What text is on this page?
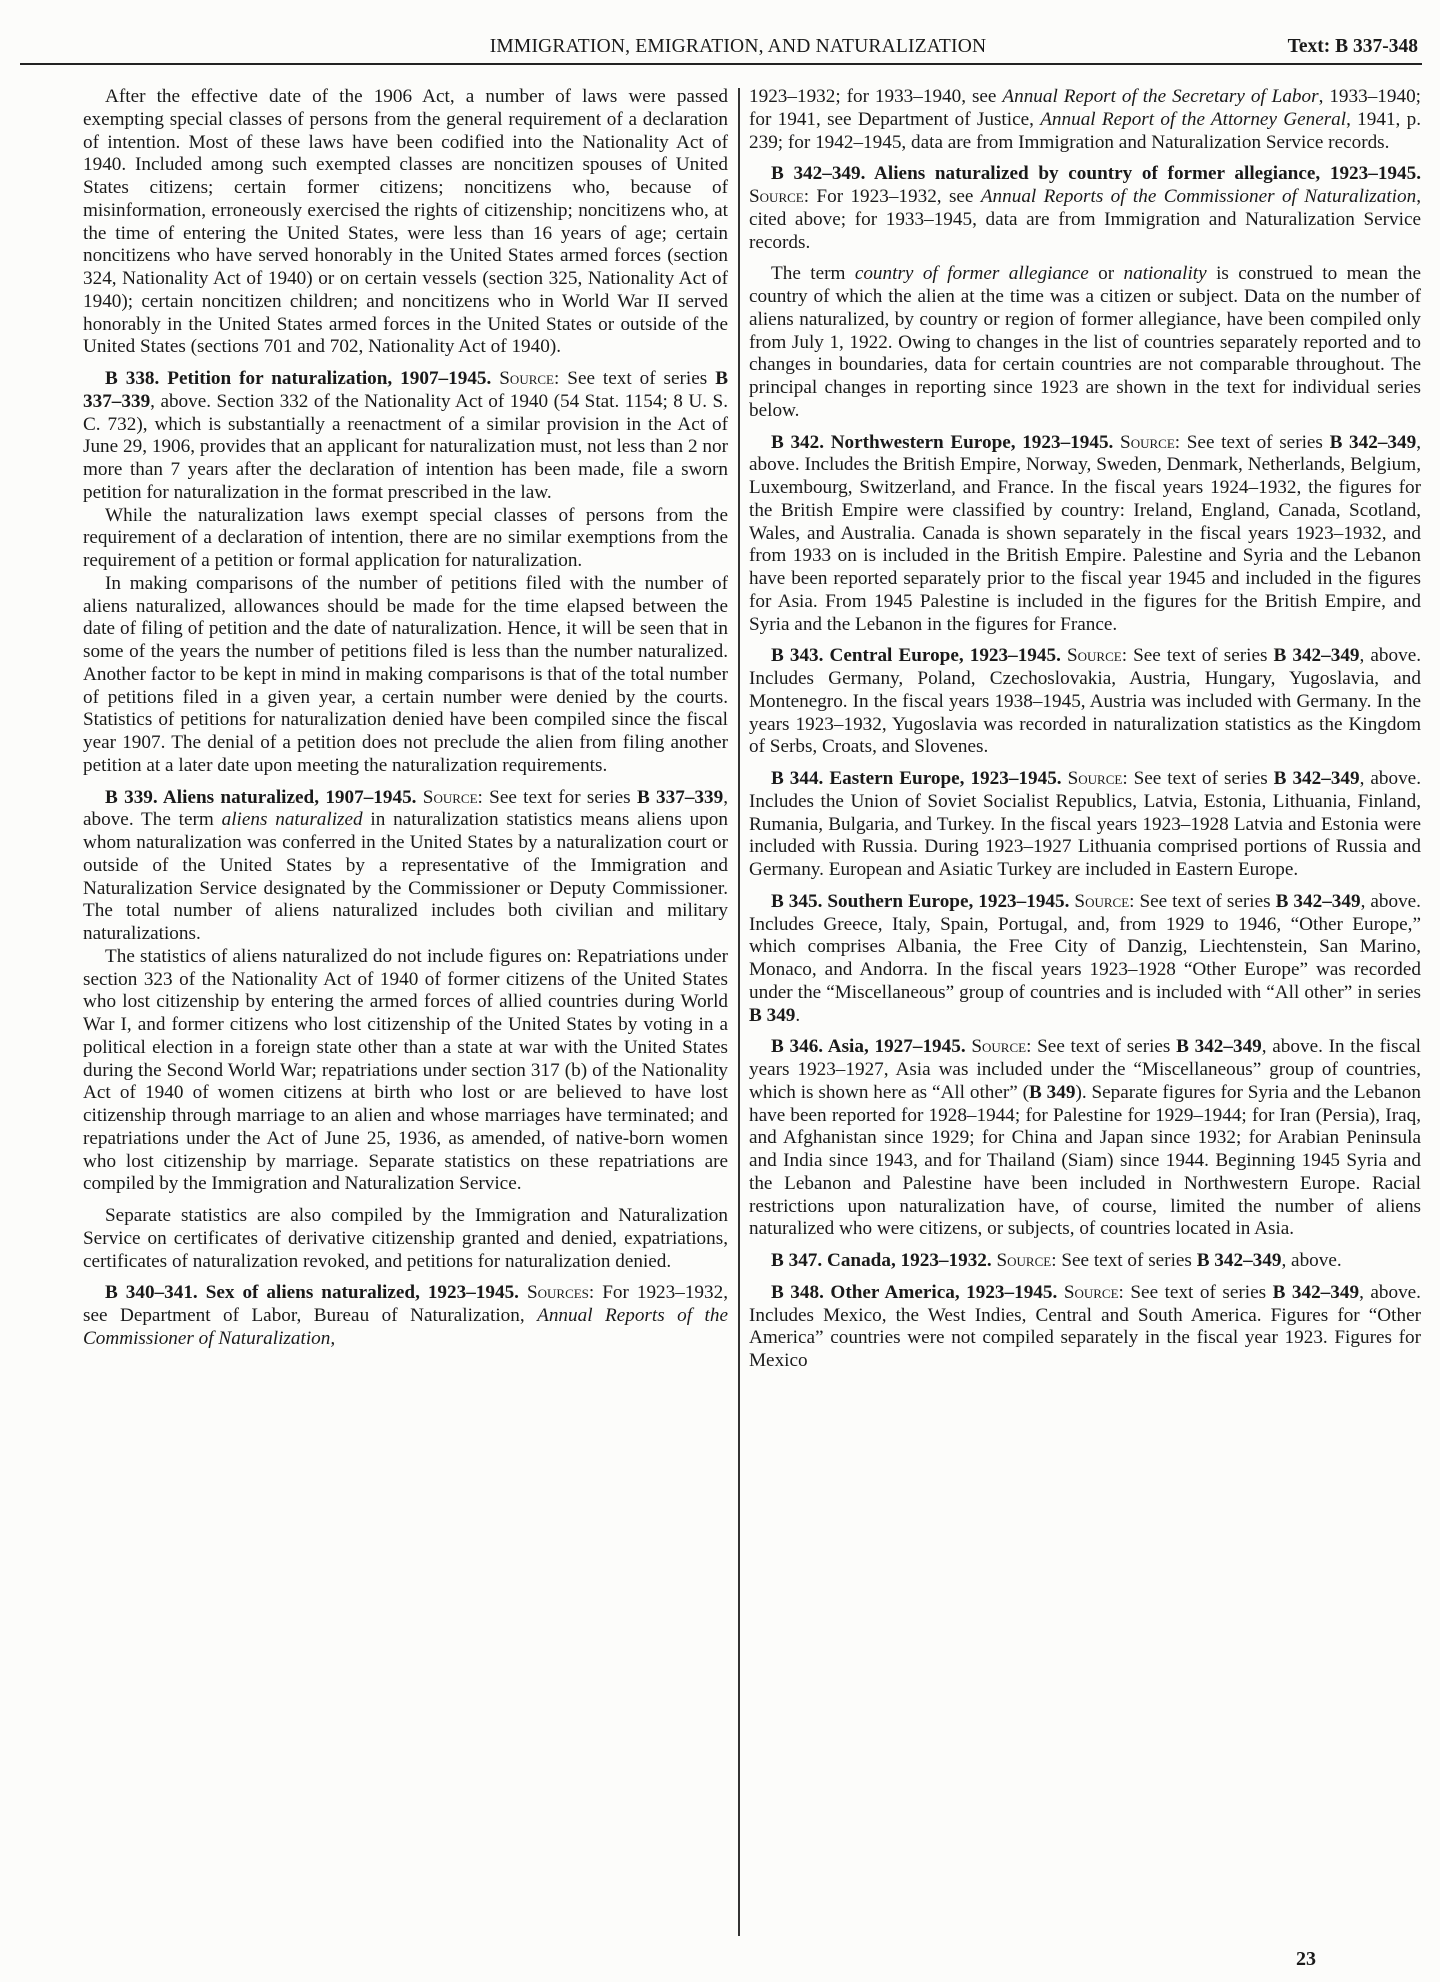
IMMIGRATION, EMIGRATION, AND NATURALIZATION	Text: B 337-348

After the effective date of the 1906 Act, a number of laws were passed exempting special classes of persons from the general requirement of a declaration of intention. Most of these laws have been codified into the Nationality Act of 1940. Included among such exempted classes are noncitizen spouses of United States citizens; certain former citizens; noncitizens who, because of misinformation, erroneously exercised the rights of citizenship; noncitizens who, at the time of entering the United States, were less than 16 years of age; certain noncitizens who have served honorably in the United States armed forces (section 324, Nationality Act of 1940) or on certain vessels (section 325, Nationality Act of 1940); certain noncitizen children; and noncitizens who in World War II served honorably in the United States armed forces in the United States or outside of the United States (sections 701 and 702, Nationality Act of 1940).

B 338. Petition for naturalization, 1907–1945. Source: See text of series B 337–339, above. Section 332 of the Nationality Act of 1940 (54 Stat. 1154; 8 U. S. C. 732), which is substantially a reenactment of a similar provision in the Act of June 29, 1906, provides that an applicant for naturalization must, not less than 2 nor more than 7 years after the declaration of intention has been made, file a sworn petition for naturalization in the format prescribed in the law.

While the naturalization laws exempt special classes of persons from the requirement of a declaration of intention, there are no similar exemptions from the requirement of a petition or formal application for naturalization.

In making comparisons of the number of petitions filed with the number of aliens naturalized, allowances should be made for the time elapsed between the date of filing of petition and the date of naturalization. Hence, it will be seen that in some of the years the number of petitions filed is less than the number naturalized. Another factor to be kept in mind in making comparisons is that of the total number of petitions filed in a given year, a certain number were denied by the courts. Statistics of petitions for naturalization denied have been compiled since the fiscal year 1907. The denial of a petition does not preclude the alien from filing another petition at a later date upon meeting the naturalization requirements.

B 339. Aliens naturalized, 1907–1945. Source: See text for series B 337–339, above. The term aliens naturalized in naturalization statistics means aliens upon whom naturalization was conferred in the United States by a naturalization court or outside of the United States by a representative of the Immigration and Naturalization Service designated by the Commissioner or Deputy Commissioner. The total number of aliens naturalized includes both civilian and military naturalizations.

The statistics of aliens naturalized do not include figures on: Repatriations under section 323 of the Nationality Act of 1940 of former citizens of the United States who lost citizenship by entering the armed forces of allied countries during World War I, and former citizens who lost citizenship of the United States by voting in a political election in a foreign state other than a state at war with the United States during the Second World War; repatriations under section 317 (b) of the Nationality Act of 1940 of women citizens at birth who lost or are believed to have lost citizenship through marriage to an alien and whose marriages have terminated; and repatriations under the Act of June 25, 1936, as amended, of native-born women who lost citizenship by marriage. Separate statistics on these repatriations are compiled by the Immigration and Naturalization Service.

Separate statistics are also compiled by the Immigration and Naturalization Service on certificates of derivative citizenship granted and denied, expatriations, certificates of naturalization revoked, and petitions for naturalization denied.

B 340–341. Sex of aliens naturalized, 1923–1945. Sources: For 1923–1932, see Department of Labor, Bureau of Naturalization, Annual Reports of the Commissioner of Naturalization,

1923–1932; for 1933–1940, see Annual Report of the Secretary of Labor, 1933–1940; for 1941, see Department of Justice, Annual Report of the Attorney General, 1941, p. 239; for 1942–1945, data are from Immigration and Naturalization Service records.

B 342–349. Aliens naturalized by country of former allegiance, 1923–1945. Source: For 1923–1932, see Annual Reports of the Commissioner of Naturalization, cited above; for 1933–1945, data are from Immigration and Naturalization Service records.

The term country of former allegiance or nationality is construed to mean the country of which the alien at the time was a citizen or subject. Data on the number of aliens naturalized, by country or region of former allegiance, have been compiled only from July 1, 1922. Owing to changes in the list of countries separately reported and to changes in boundaries, data for certain countries are not comparable throughout. The principal changes in reporting since 1923 are shown in the text for individual series below.

B 342. Northwestern Europe, 1923–1945. Source: See text of series B 342–349, above. Includes the British Empire, Norway, Sweden, Denmark, Netherlands, Belgium, Luxembourg, Switzerland, and France. In the fiscal years 1924–1932, the figures for the British Empire were classified by country: Ireland, England, Canada, Scotland, Wales, and Australia. Canada is shown separately in the fiscal years 1923–1932, and from 1933 on is included in the British Empire. Palestine and Syria and the Lebanon have been reported separately prior to the fiscal year 1945 and included in the figures for Asia. From 1945 Palestine is included in the figures for the British Empire, and Syria and the Lebanon in the figures for France.

B 343. Central Europe, 1923–1945. Source: See text of series B 342–349, above. Includes Germany, Poland, Czechoslovakia, Austria, Hungary, Yugoslavia, and Montenegro. In the fiscal years 1938–1945, Austria was included with Germany. In the years 1923–1932, Yugoslavia was recorded in naturalization statistics as the Kingdom of Serbs, Croats, and Slovenes.

B 344. Eastern Europe, 1923–1945. Source: See text of series B 342–349, above. Includes the Union of Soviet Socialist Republics, Latvia, Estonia, Lithuania, Finland, Rumania, Bulgaria, and Turkey. In the fiscal years 1923–1928 Latvia and Estonia were included with Russia. During 1923–1927 Lithuania comprised portions of Russia and Germany. European and Asiatic Turkey are included in Eastern Europe.

B 345. Southern Europe, 1923–1945. Source: See text of series B 342–349, above. Includes Greece, Italy, Spain, Portugal, and, from 1929 to 1946, “Other Europe,” which comprises Albania, the Free City of Danzig, Liechtenstein, San Marino, Monaco, and Andorra. In the fiscal years 1923–1928 “Other Europe” was recorded under the “Miscellaneous” group of countries and is included with “All other” in series B 349.

B 346. Asia, 1927–1945. Source: See text of series B 342–349, above. In the fiscal years 1923–1927, Asia was included under the “Miscellaneous” group of countries, which is shown here as “All other” (B 349). Separate figures for Syria and the Lebanon have been reported for 1928–1944; for Palestine for 1929–1944; for Iran (Persia), Iraq, and Afghanistan since 1929; for China and Japan since 1932; for Arabian Peninsula and India since 1943, and for Thailand (Siam) since 1944. Beginning 1945 Syria and the Lebanon and Palestine have been included in Northwestern Europe. Racial restrictions upon naturalization have, of course, limited the number of aliens naturalized who were citizens, or subjects, of countries located in Asia.

B 347. Canada, 1923–1932. Source: See text of series B 342–349, above.

B 348. Other America, 1923–1945. Source: See text of series B 342–349, above. Includes Mexico, the West Indies, Central and South America. Figures for “Other America” countries were not compiled separately in the fiscal year 1923. Figures for Mexico

23
